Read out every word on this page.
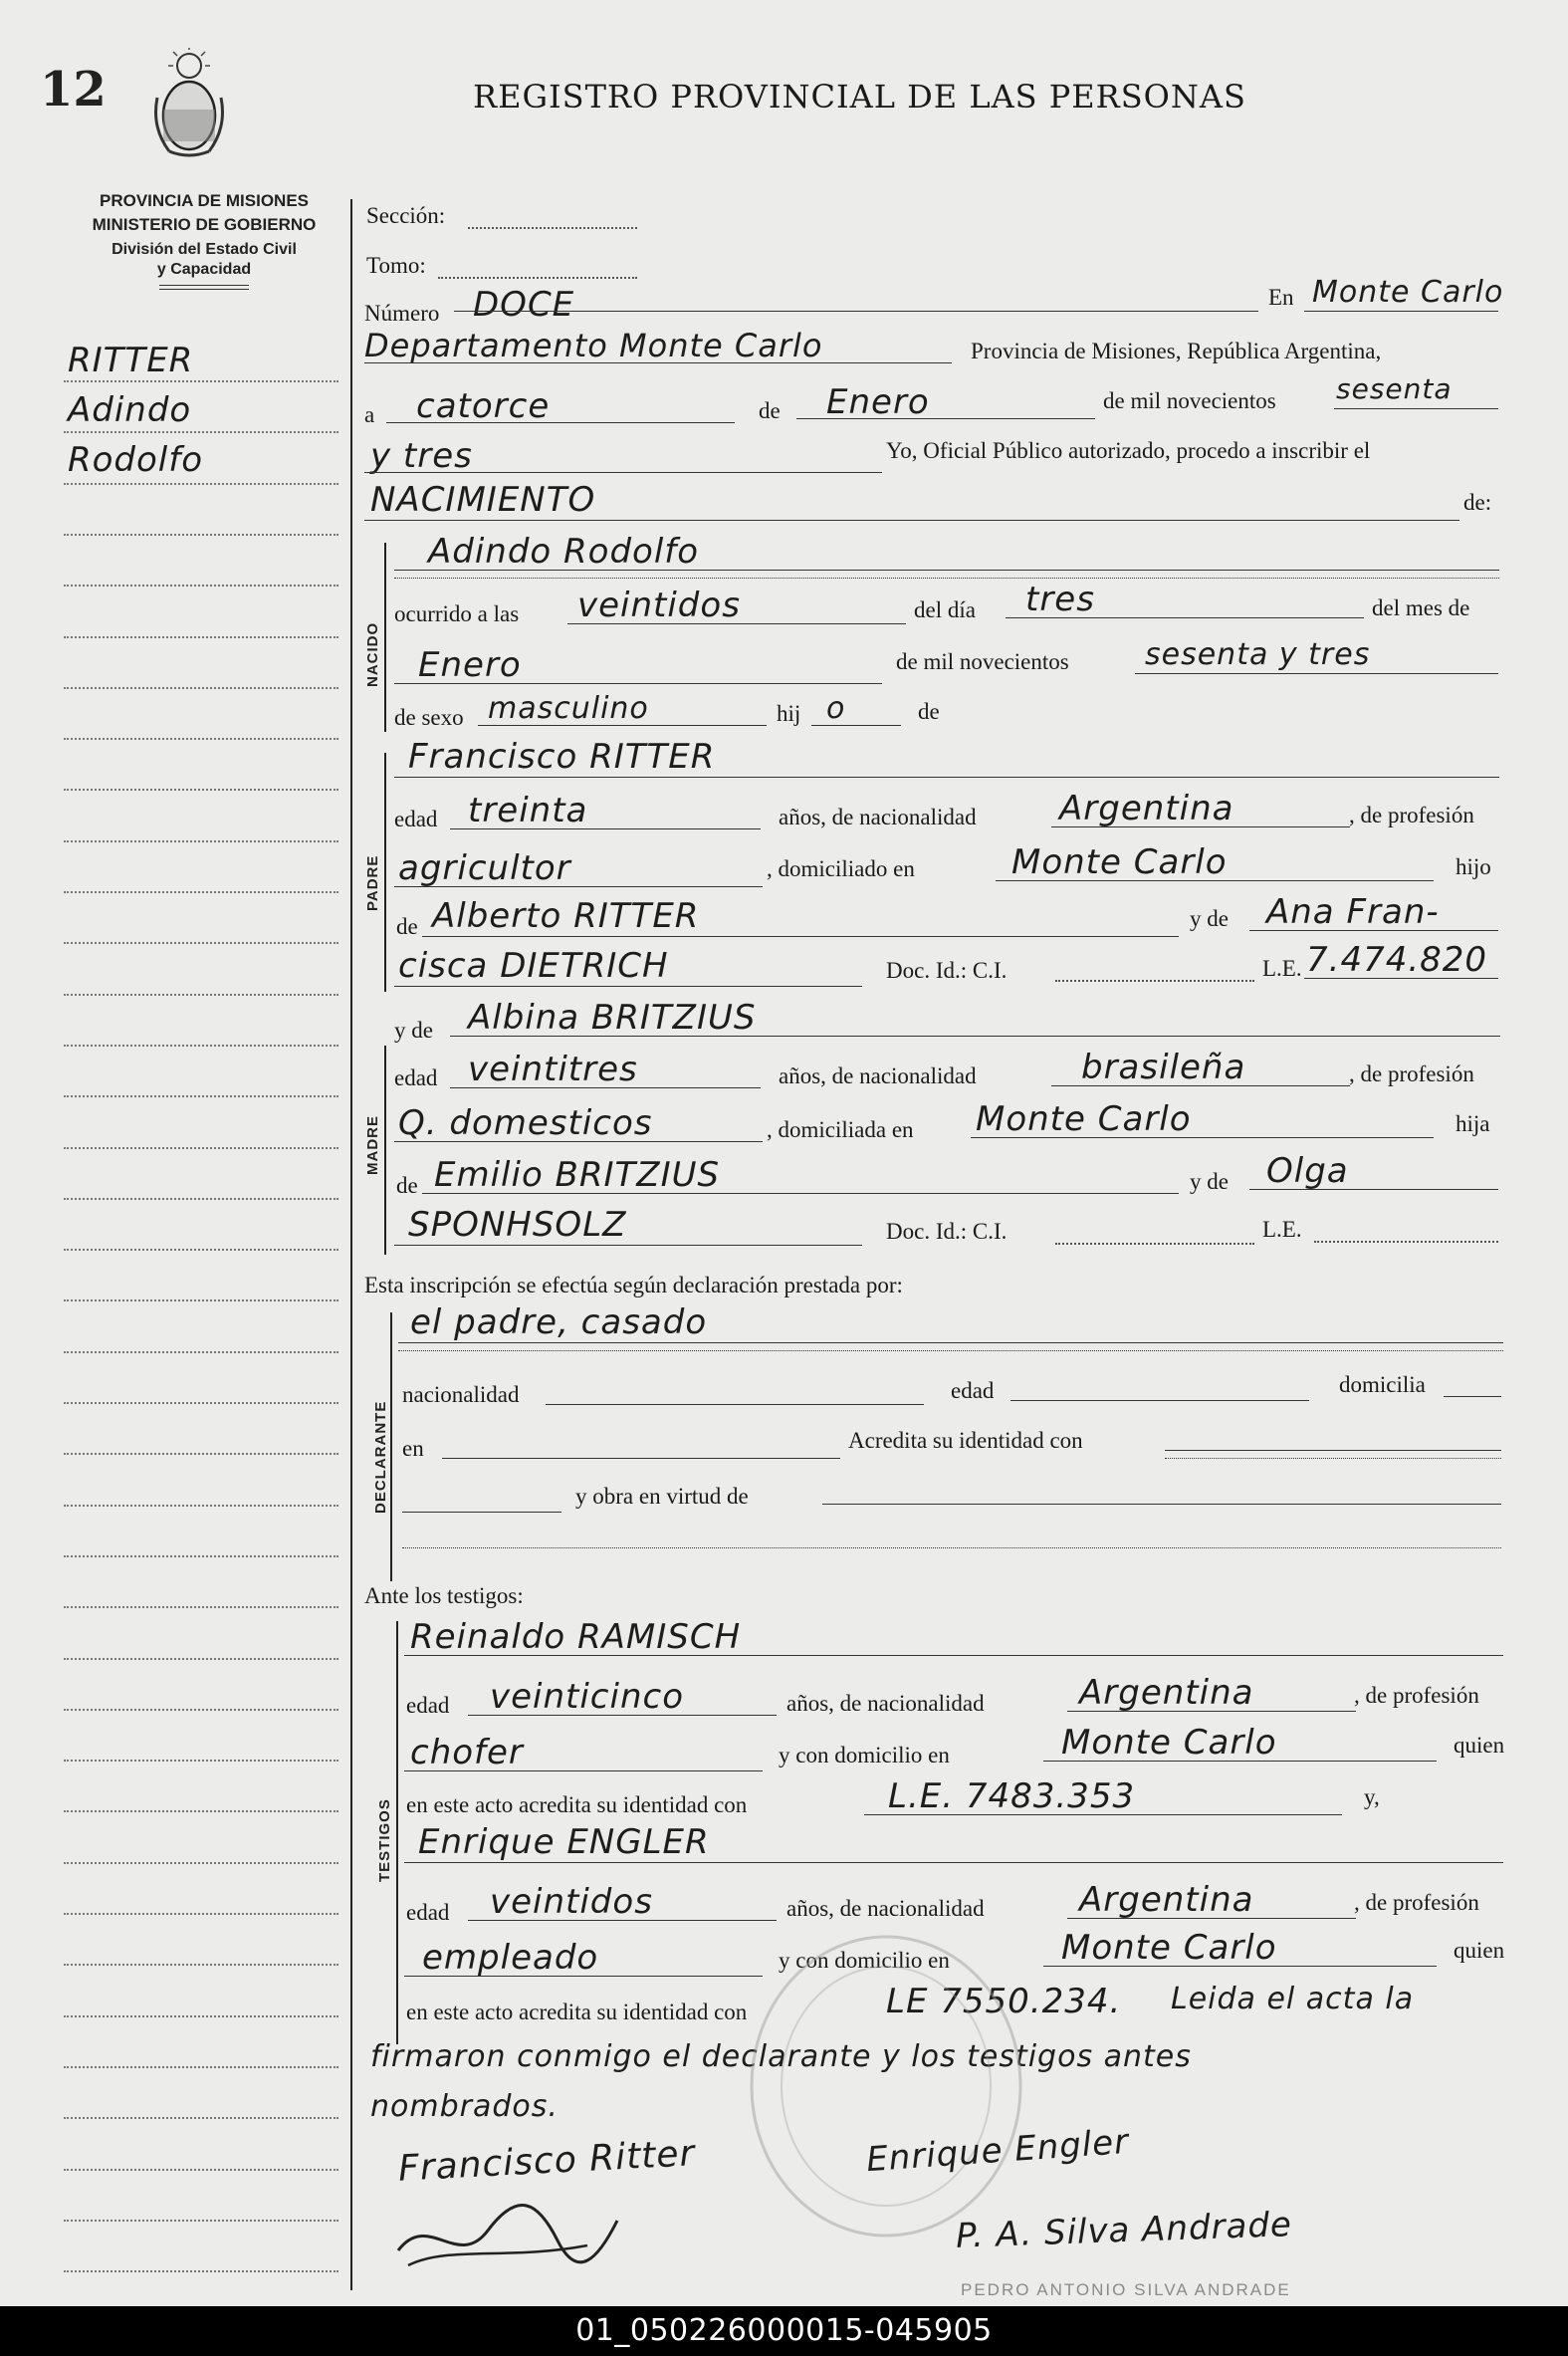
12	REGISTRO PROVINCIAL DE LAS PERSONAS
PROVINCIA DE MISIONES
MINISTERIO DE GOBIERNO
División del Estado Civil
y Capacidad
RITTER
Adindo
Rodolfo
Sección:
Tomo:
Número DOCE	En Monte Carlo
Departamento Monte Carlo	Provincia de Misiones, República Argentina,
a catorce	de Enero	de mil novecientos sesenta
y tres	Yo, Oficial Público autorizado, procedo a inscribir el
NACIMIENTO	de:
NACIDO
Adindo Rodolfo
ocurrido a las veintidos	del día tres	del mes de
Enero	de mil novecientos	sesenta y tres
de sexo masculino	hij o	de
PADRE
Francisco RITTER
edad treinta	años, de nacionalidad Argentina	, de profesión
agricultor	, domiciliado en	Monte Carlo	hijo
de Alberto RITTER	y de Ana Fran-
cisca DIETRICH	Doc. Id.: C.I.	L.E. 7.474.820
y de Albina BRITZIUS
MADRE
edad veintitres	años, de nacionalidad	brasileña	, de profesión
Q. domesticos	, domiciliada en Monte Carlo	hija
de Emilio BRITZIUS	y de Olga
SPONHSOLZ	Doc. Id.: C.I.	L.E.
Esta inscripción se efectúa según declaración prestada por:
DECLARANTE
el padre, casado
nacionalidad	edad	domicilia
en	Acredita su identidad con
y obra en virtud de
Ante los testigos:
TESTIGOS
Reinaldo RAMISCH
edad veinticinco	años, de nacionalidad	Argentina	, de profesión
chofer	y con domicilio en	Monte Carlo	quien
en este acto acredita su identidad con	L.E. 7483.353	y,
Enrique ENGLER
edad veintidos	años, de nacionalidad	Argentina	, de profesión
empleado	y con domicilio en	Monte Carlo	quien
en este acto acredita su identidad con	LE 7550.234. Leida el acta la
firmaron conmigo el declarante y los testigos antes
nombrados.
Francisco Ritter	Enrique Engler
P. A. Silva Andrade
PEDRO ANTONIO SILVA ANDRADE
01_050226000015-045905
